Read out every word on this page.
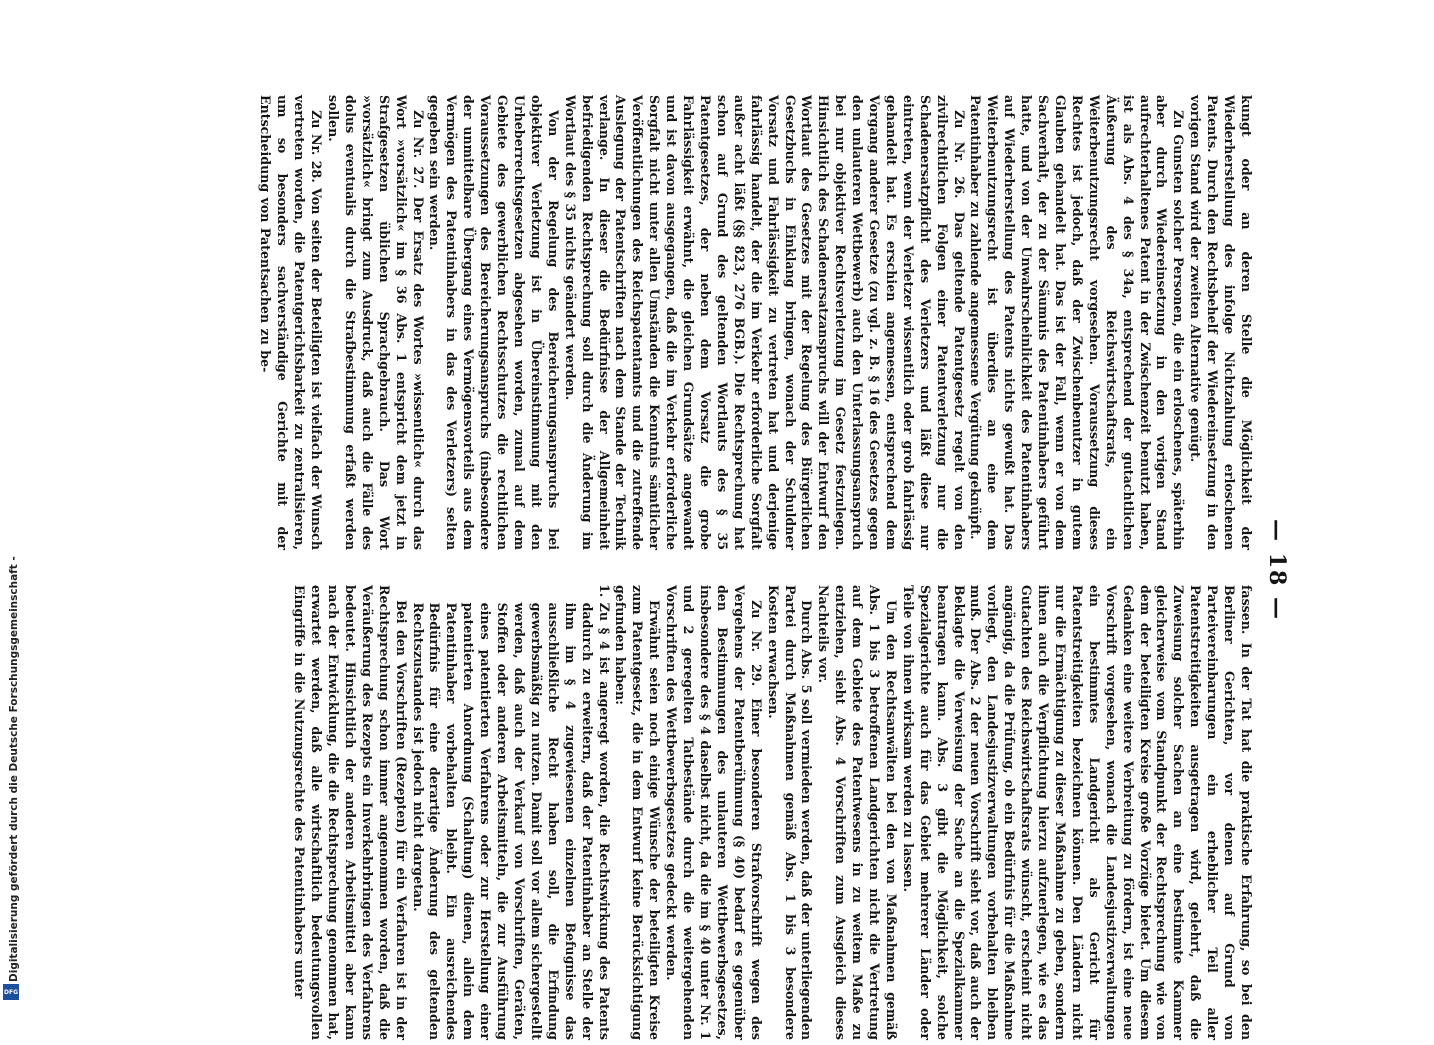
— 18 —

kungt oder an deren Stelle die Möglichkeit der Wiederherstellung des infolge Nichtzahlung erloschenen Patents. Durch den Rechtsbehelf der Wiedereinsetzung in den vorigen Stand wird der zweiten Alternative genügt.

Zu Gunsten solcher Personen, die ein erloschenes, späterhin aber durch Wiedereinsetzung in den vorigen Stand aufrechterhaltenes Patent in der Zwischenzeit benutzt haben, ist als Abs. 4 des § 34a, entsprechend der gutachtlichen Äußerung des Reichswirtschaftsrats, ein Weiterbenutzungsrecht vorgesehen. Voraussetzung dieses Rechtes ist jedoch, daß der Zwischenbenutzer in gutem Glauben gehandelt hat. Das ist der Fall, wenn er von dem Sachverhalt, der zu der Säumnis des Patentinhabers geführt hatte, und von der Unwahrscheinlichkeit des Patentinhabers auf Wiederherstellung des Patents nichts gewußt hat. Das Weiterbenutzungsrecht ist überdies an eine dem Patentinhaber zu zahlende angemessene Vergütung geknüpft.

Zu Nr. 26. Das geltende Patentgesetz regelt von den zivilrechtlichen Folgen einer Patentverletzung nur die Schadenersatzpflicht des Verletzers und läßt diese nur eintreten, wenn der Verletzer wissentlich oder grob fahrlässig gehandelt hat. Es erschien angemessen, entsprechend dem Vorgang anderer Gesetze (zu vgl. z. B. § 16 des Gesetzes gegen den unlauteren Wettbewerb) auch den Unterlassungsanspruch bei nur objektiver Rechtsverletzung im Gesetz festzulegen. Hinsichtlich des Schadenersatzanspruchs will der Entwurf den Wortlaut des Gesetzes mit der Regelung des Bürgerlichen Gesetzbuchs in Einklang bringen, wonach der Schuldner Vorsatz und Fahrlässigkeit zu vertreten hat und derjenige fahrlässig handelt, der die im Verkehr erforderliche Sorgfalt außer acht läßt (§§ 823, 276 BGB.). Die Rechtsprechung hat schon auf Grund des geltenden Wortlauts des § 35 Patentgesetzes, der neben dem Vorsatz die grobe Fahrlässigkeit erwähnt, die gleichen Grundsätze angewandt und ist davon ausgegangen, daß die im Verkehr erforderliche Sorgfalt nicht unter allen Umständen die Kenntnis sämtlicher Veröffentlichungen des Reichspatentamts und die zutreffende Auslegung der Patentschriften nach dem Stande der Technik verlange. In dieser die Bedürfnisse der Allgemeinheit befriedigenden Rechtsprechung soll durch die Änderung im Wortlaut des § 35 nichts geändert werden.

Von der Regelung des Bereicherungsanspruchs bei objektiver Verletzung ist in Übereinstimmung mit den Urheberrechtsgesetzen abgesehen worden, zumal auf dem Gebiete des gewerblichen Rechtsschutzes die rechtlichen Voraussetzungen des Bereicherungsanspruchs (insbesondere der unmittelbare Übergang eines Vermögensvorteils aus dem Vermögen des Patentinhabers in das des Verletzers) selten gegeben sein werden.

Zu Nr. 27. Der Ersatz des Wortes »wissentlich« durch das Wort »vorsätzlich« im § 36 Abs. 1 entspricht dem jetzt in Strafgesetzen üblichen Sprachgebrauch. Das Wort »vorsätzlich« bringt zum Ausdruck, daß auch die Fälle des dolus eventualis durch die Strafbestimmung erfaßt werden sollen.

Zu Nr. 28. Von seiten der Beteiligten ist vielfach der Wunsch vertreten worden, die Patentgerichtsbarkeit zu zentralisieren, um so besonders sachverständige Gerichte mit der Entscheidung von Patentsachen zu be-

fassen. In der Tat hat die praktische Erfahrung, so bei den Berliner Gerichten, vor denen auf Grund von Parteivereinbarungen ein erheblicher Teil aller Patentstreitigkeiten ausgetragen wird, gelehrt, daß die Zuweisung solcher Sachen an eine bestimmte Kammer gleicherweise vom Standpunkt der Rechtsprechung wie von dem der beteiligten Kreise große Vorzüge bietet. Um diesem Gedanken eine weitere Verbreitung zu fördern, ist eine neue Vorschrift vorgesehen, wonach die Landesjustizverwaltungen ein bestimmtes Landgericht als Gericht für Patentstreitigkeiten bezeichnen können. Den Ländern nicht nur die Ermächtigung zu dieser Maßnahme zu geben, sondern ihnen auch die Verpflichtung hierzu aufzuerlegen, wie es das Gutachten des Reichswirtschaftsrats wünscht, erscheint nicht angängig, da die Prüfung, ob ein Bedürfnis für die Maßnahme vorliegt, den Landesjustizverwaltungen vorbehalten bleiben muß. Der Abs. 2 der neuen Vorschrift sieht vor, daß auch der Beklagte die Verweisung der Sache an die Spezialkammer beantragen kann. Abs. 3 gibt die Möglichkeit, solche Spezialgerichte auch für das Gebiet mehrerer Länder oder Teile von ihnen wirksam werden zu lassen.

Um den Rechtsanwälten bei den von Maßnahmen gemäß Abs. 1 bis 3 betroffenen Landgerichten nicht die Vertretung auf dem Gebiete des Patentwesens in zu weitem Maße zu entziehen, sieht Abs. 4 Vorschriften zum Ausgleich dieses Nachteils vor.

Durch Abs. 5 soll vermieden werden, daß der unterliegenden Partei durch Maßnahmen gemäß Abs. 1 bis 3 besondere Kosten erwachsen.

Zu Nr. 29. Einer besonderen Strafvorschrift wegen des Vergehens der Patentberühmung (§ 40) bedarf es gegenüber den Bestimmungen des unlauteren Wettbewerbsgesetzes, insbesondere des § 4 daselbst nicht, da die im § 40 unter Nr. 1 und 2 geregelten Tatbestände durch die weitergehenden Vorschriften des Wettbewerbsgesetzes gedeckt werden.

Erwähnt seien noch einige Wünsche der beteiligten Kreise zum Patentgesetz, die in dem Entwurf keine Berücksichtigung gefunden haben:

1. Zu § 4 ist angeregt worden, die Rechtswirkung des Patents dadurch zu erweitern, daß der Patentinhaber an Stelle der ihm im § 4 zugewiesenen einzelnen Befugnisse das ausschließliche Recht haben soll, die Erfindung gewerbsmäßig zu nutzen. Damit soll vor allem sichergestellt werden, daß auch der Verkauf von Vorschriften, Geräten, Stoffen oder anderen Arbeitsmitteln, die zur Ausführung eines patentierten Verfahrens oder zur Herstellung einer patentierten Anordnung (Schaltung) dienen, allein dem Patentinhaber vorbehalten bleibt. Ein ausreichendes Bedürfnis für eine derartige Änderung des geltenden Rechtszustandes ist jedoch nicht dargetan.

Bei den Vorschriften (Rezepten) für ein Verfahren ist in der Rechtsprechung schon immer angenommen worden, daß die Veräußerung des Rezepts ein Inverkehrbringen des Verfahrens bedeutet. Hinsichtlich der anderen Arbeitsmittel aber kann nach der Entwicklung, die die Rechtsprechung genommen hat, erwartet werden, daß alle wirtschaftlich bedeutungsvollen Eingriffe in die Nutzungsrechte des Patentinhabers unter

Digitalisierung gefördert durch die Deutsche Forschungsgemeinschaft -
DFG
